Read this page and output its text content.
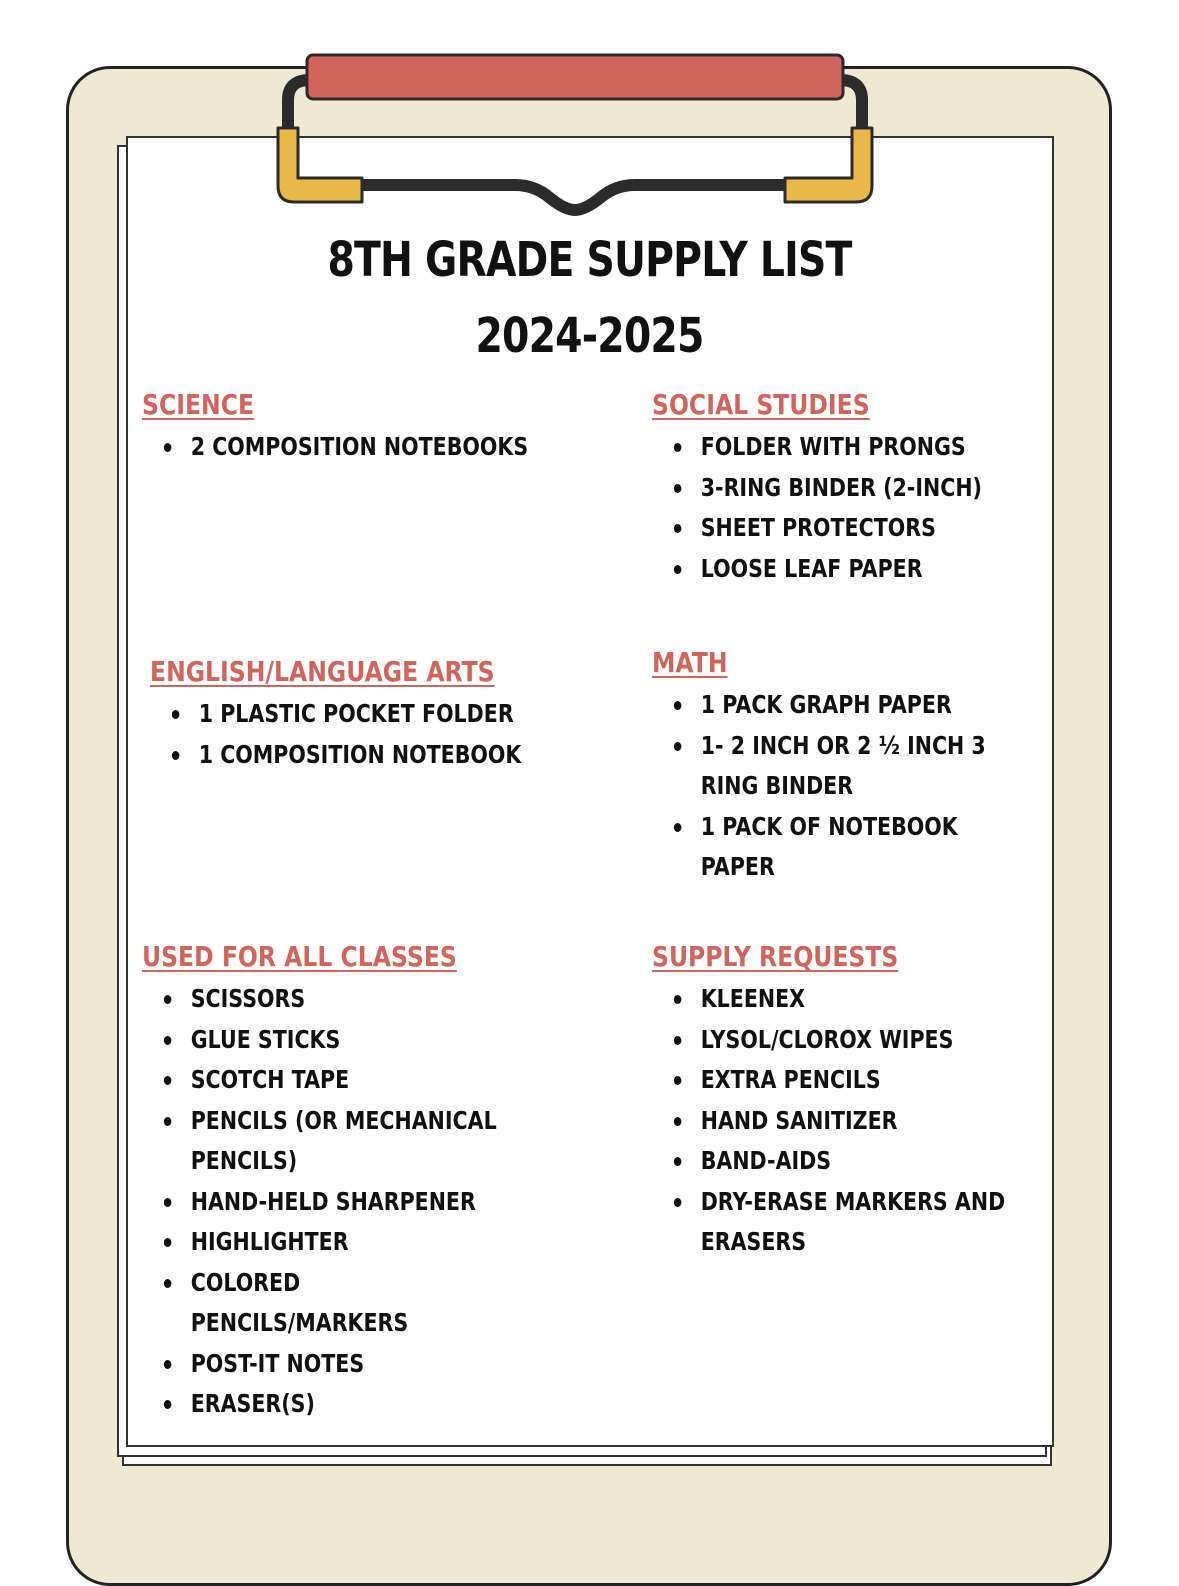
8TH GRADE SUPPLY LIST
2024-2025
SCIENCE
2 COMPOSITION NOTEBOOKS
SOCIAL STUDIES
FOLDER WITH PRONGS
3-RING BINDER (2-INCH)
SHEET PROTECTORS
LOOSE LEAF PAPER
ENGLISH/LANGUAGE ARTS
1 PLASTIC POCKET FOLDER
1 COMPOSITION NOTEBOOK
MATH
1 PACK GRAPH PAPER
1- 2 INCH OR 2 ½ INCH 3 RING BINDER
1 PACK OF NOTEBOOK PAPER
USED FOR ALL CLASSES
SCISSORS
GLUE STICKS
SCOTCH TAPE
PENCILS (OR MECHANICAL PENCILS)
HAND-HELD SHARPENER
HIGHLIGHTER
COLORED PENCILS/MARKERS
POST-IT NOTES
ERASER(S)
SUPPLY REQUESTS
KLEENEX
LYSOL/CLOROX WIPES
EXTRA PENCILS
HAND SANITIZER
BAND-AIDS
DRY-ERASE MARKERS AND ERASERS
